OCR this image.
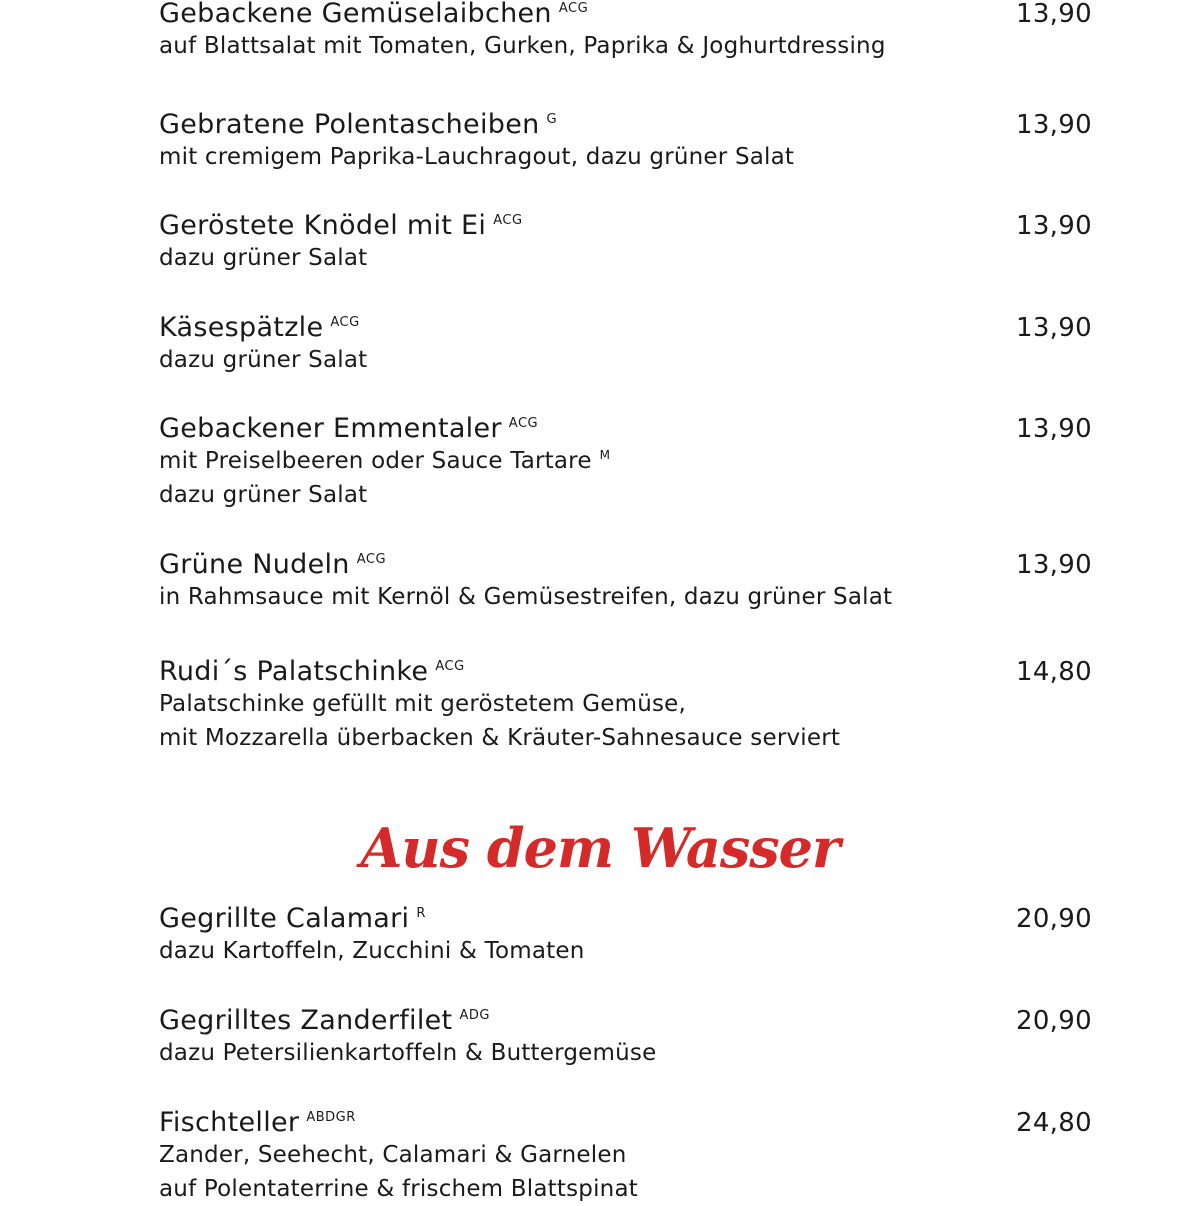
Aus dem Wasser
Gebackene Gemüselaibchen $^{ACG}$
auf Blattsalat mit Tomaten, Gurken, Paprika & Joghurtdressing
13,90
Gebratene Polentascheiben $^G$
mit cremigem Paprika-Lauchragout, dazu grüner Salat
13,90
Geröstete Knödel mit Ei $^{ACG}$
dazu grüner Salat
13,90
Käsespätzle $^{ACG}$
dazu grüner Salat
13,90
Gebackener Emmentaler $^{ACG}$
mit Preiselbeeren oder Sauce Tartare $^M$
dazu grüner Salat
13,90
Grüne Nudeln $^{ACG}$
in Rahmsauce mit Kernöl & Gemüsestreifen, dazu grüner Salat
13,90
Rudi´s Palatschinke $^{ACG}$
Palatschinke gefüllt mit geröstetem Gemüse,
mit Mozzarella überbacken & Kräuter-Sahnesauce serviert
14,80
Gegrillte Calamari $^R$
dazu Kartoffeln, Zucchini & Tomaten
20,90
Gegrilltes Zanderfilet $^{ADG}$
dazu Petersilienkartoffeln & Buttergemüse
20,90
Fischteller $^{ABDGR}$
Zander, Seehecht, Calamari & Garnelen
auf Polentaterrine & frischem Blattspinat
24,80
